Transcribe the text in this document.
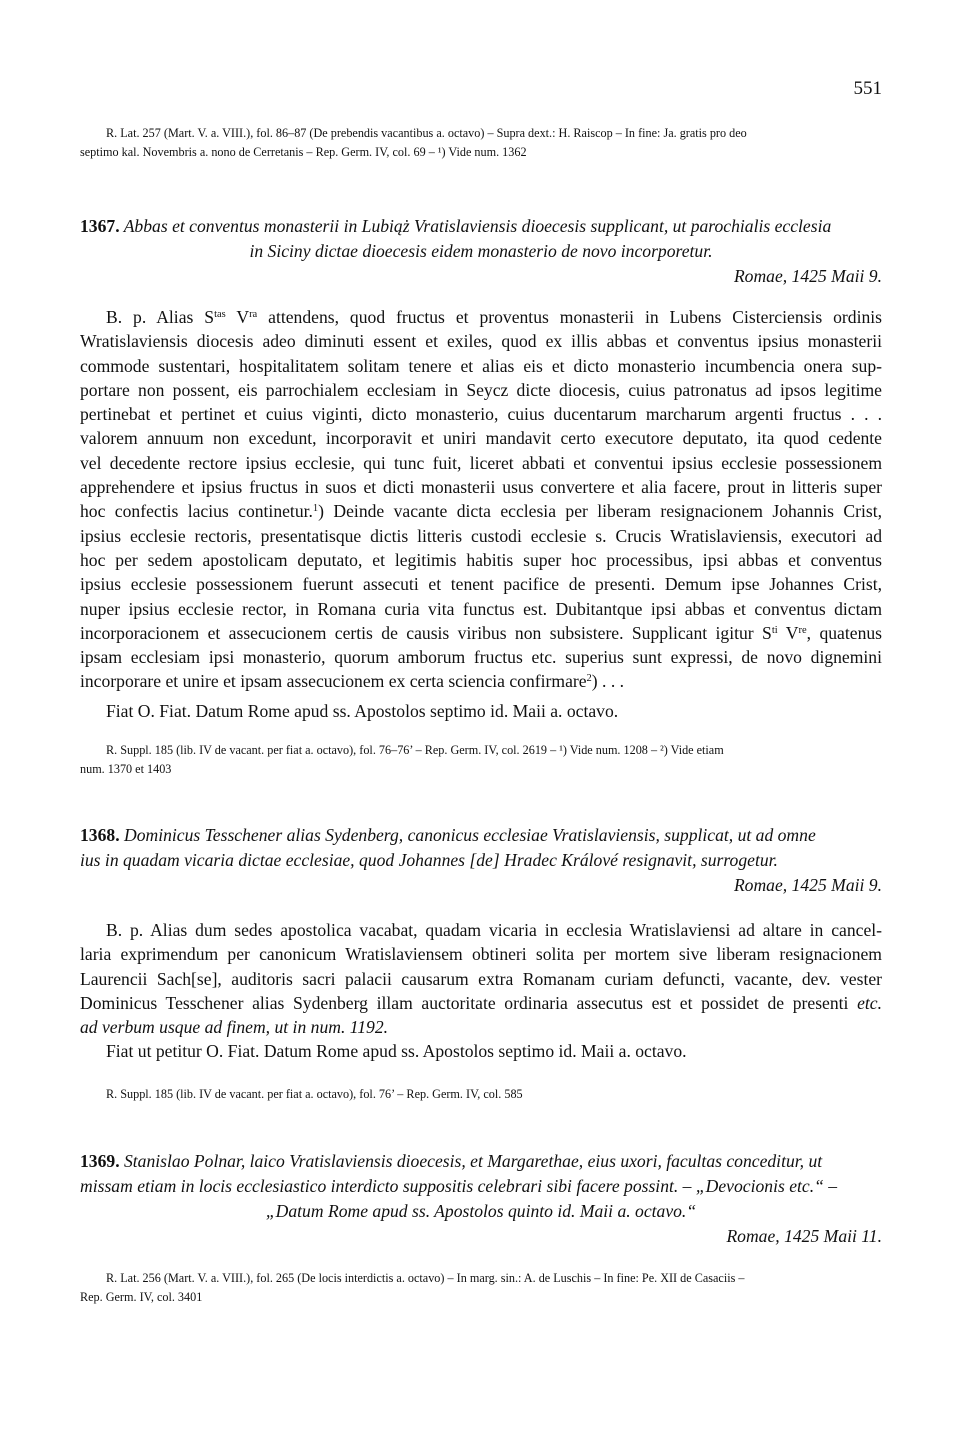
551
R. Lat. 257 (Mart. V. a. VIII.), fol. 86–87 (De prebendis vacantibus a. octavo) – Supra dext.: H. Raiscop – In fine: Ja. gratis pro deo
septimo kal. Novembris a. nono de Cerretanis – Rep. Germ. IV, col. 69 – ¹) Vide num. 1362
1367. Abbas et conventus monasterii in Lubiąż Vratislaviensis dioecesis supplicant, ut parochialis ecclesia
in Siciny dictae dioecesis eidem monasterio de novo incorporetur.
Romae, 1425 Maii 9.
B. p. Alias $S^{tas}$ $V^{ra}$ attendens, quod fructus et proventus monasterii in Lubens Cisterciensis ordinis
Wratislaviensis diocesis adeo diminuti essent et exiles, quod ex illis abbas et conventus ipsius monasterii
commode sustentari, hospitalitatem solitam tenere et alias eis et dicto monasterio incumbencia onera sup-
portare non possent, eis parrochialem ecclesiam in Seycz dicte diocesis, cuius patronatus ad ipsos legitime
pertinebat et pertinet et cuius viginti, dicto monasterio, cuius ducentarum marcharum argenti fructus . . .
valorem annuum non excedunt, incorporavit et uniri mandavit certo executore deputato, ita quod cedente
vel decedente rectore ipsius ecclesie, qui tunc fuit, liceret abbati et conventui ipsius ecclesie possessionem
apprehendere et ipsius fructus in suos et dicti monasterii usus convertere et alia facere, prout in litteris super
hoc confectis lacius continetur.$^1$) Deinde vacante dicta ecclesia per liberam resignacionem Johannis Crist,
ipsius ecclesie rectoris, presentatisque dictis litteris custodi ecclesie s. Crucis Wratislaviensis, executori ad
hoc per sedem apostolicam deputato, et legitimis habitis super hoc processibus, ipsi abbas et conventus
ipsius ecclesie possessionem fuerunt assecuti et tenent pacifice de presenti. Demum ipse Johannes Crist,
nuper ipsius ecclesie rector, in Romana curia vita functus est. Dubitantque ipsi abbas et conventus dictam
incorporacionem et assecucionem certis de causis viribus non subsistere. Supplicant igitur $S^{ti}$ Vre, quatenus
ipsam ecclesiam ipsi monasterio, quorum amborum fructus etc. superius sunt expressi, de novo dignemini
incorporare et unire et ipsam assecucionem ex certa sciencia confirmare$^2$) . . .

Fiat O. Fiat. Datum Rome apud ss. Apostolos septimo id. Maii a. octavo.

R. Suppl. 185 (lib. IV de vacant. per fiat a. octavo), fol. 76–76’ – Rep. Germ. IV, col. 2619 – ¹) Vide num. 1208 – ²) Vide etiam
num. 1370 et 1403
1368. Dominicus Tesschener alias Sydenberg, canonicus ecclesiae Vratislaviensis, supplicat, ut ad omne
ius in quadam vicaria dictae ecclesiae, quod Johannes [de] Hradec Králové resignavit, surrogetur.
Romae, 1425 Maii 9.
B. p. Alias dum sedes apostolica vacabat, quadam vicaria in ecclesia Wratislaviensi ad altare in cancel-
laria exprimendum per canonicum Wratislaviensem obtineri solita per mortem sive liberam resignacionem
Laurencii Sach[se], auditoris sacri palacii causarum extra Romanam curiam defuncti, vacante, dev. vester
Dominicus Tesschener alias Sydenberg illam auctoritate ordinaria assecutus est et possidet de presenti etc.
ad verbum usque ad finem, ut in num. 1192.
Fiat ut petitur O. Fiat. Datum Rome apud ss. Apostolos septimo id. Maii a. octavo.
R. Suppl. 185 (lib. IV de vacant. per fiat a. octavo), fol. 76’ – Rep. Germ. IV, col. 585
1369. Stanislao Polnar, laico Vratislaviensis dioecesis, et Margarethae, eius uxori, facultas conceditur, ut
missam etiam in locis ecclesiastico interdicto suppositis celebrari sibi facere possint. – „Devocionis etc.“ –
„Datum Rome apud ss. Apostolos quinto id. Maii a. octavo.“
Romae, 1425 Maii 11.
R. Lat. 256 (Mart. V. a. VIII.), fol. 265 (De locis interdictis a. octavo) – In marg. sin.: A. de Luschis – In fine: Pe. XII de Casaciis –
Rep. Germ. IV, col. 3401
